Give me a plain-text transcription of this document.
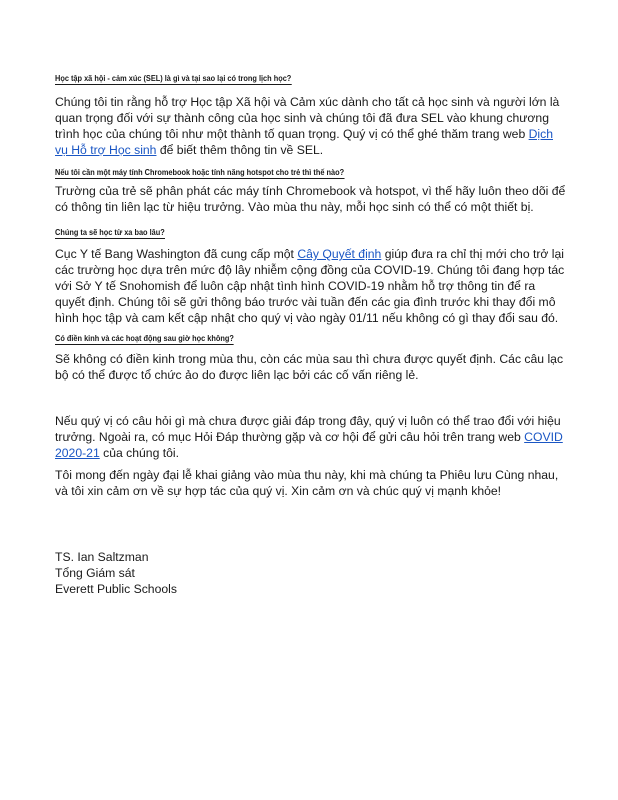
Học tập xã hội - cảm xúc (SEL) là gì và tại sao lại có trong lịch học?

Chúng tôi tin rằng hỗ trợ Học tập Xã hội và Cảm xúc dành cho tất cả học sinh và người lớn là quan trọng đối với sự thành công của học sinh và chúng tôi đã đưa SEL vào khung chương trình học của chúng tôi như một thành tố quan trọng. Quý vị có thể ghé thăm trang web Dịch vụ Hỗ trợ Học sinh để biết thêm thông tin về SEL.

Nếu tôi cần một máy tính Chromebook hoặc tính năng hotspot cho trẻ thì thế nào?

Trường của trẻ sẽ phân phát các máy tính Chromebook và hotspot, vì thế hãy luôn theo dõi để có thông tin liên lạc từ hiệu trưởng. Vào mùa thu này, mỗi học sinh có thể có một thiết bị.

Chúng ta sẽ học từ xa bao lâu?

Cục Y tế Bang Washington đã cung cấp một Cây Quyết định giúp đưa ra chỉ thị mới cho trở lại các trường học dựa trên mức độ lây nhiễm cộng đồng của COVID-19. Chúng tôi đang hợp tác với Sở Y tế Snohomish để luôn cập nhật tình hình COVID-19 nhằm hỗ trợ thông tin để ra quyết định. Chúng tôi sẽ gửi thông báo trước vài tuần đến các gia đình trước khi thay đổi mô hình học tập và cam kết cập nhật cho quý vị vào ngày 01/11 nếu không có gì thay đổi sau đó.

Có điền kinh và các hoạt động sau giờ học không?

Sẽ không có điền kinh trong mùa thu, còn các mùa sau thì chưa được quyết định. Các câu lạc bộ có thể được tổ chức ảo do được liên lạc bởi các cố vấn riêng lẻ.

Nếu quý vị có câu hỏi gì mà chưa được giải đáp trong đây, quý vị luôn có thể trao đổi với hiệu trưởng. Ngoài ra, có mục Hỏi Đáp thường gặp và cơ hội để gửi câu hỏi trên trang web COVID 2020-21 của chúng tôi.

Tôi mong đến ngày đại lễ khai giảng vào mùa thu này, khi mà chúng ta Phiêu lưu Cùng nhau, và tôi xin cảm ơn về sự hợp tác của quý vị. Xin cảm ơn và chúc quý vị mạnh khỏe!

TS. Ian Saltzman
Tổng Giám sát
Everett Public Schools
